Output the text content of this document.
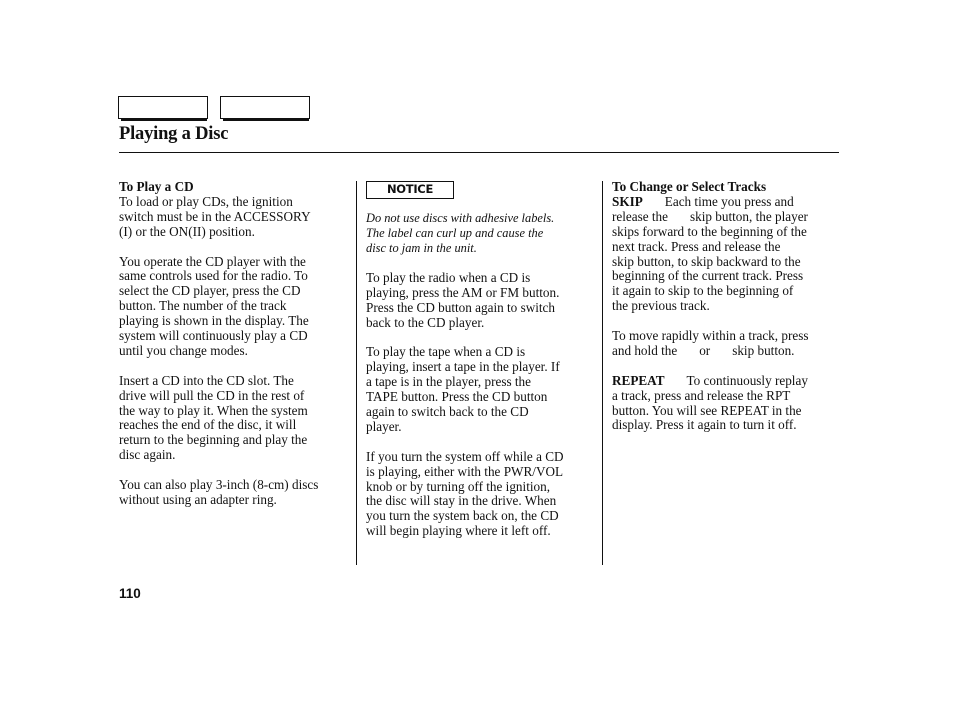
Playing a Disc
To Play a CD

To load or play CDs, the ignition
switch must be in the ACCESSORY
(I) or the ON(II) position.

You operate the CD player with the
same controls used for the radio. To
select the CD player, press the CD
button. The number of the track
playing is shown in the display. The
system will continuously play a CD
until you change modes.

Insert a CD into the CD slot. The
drive will pull the CD in the rest of
the way to play it. When the system
reaches the end of the disc, it will
return to the beginning and play the
disc again.

You can also play 3-inch (8-cm) discs
without using an adapter ring.

NOTICE

Do not use discs with adhesive labels.
The label can curl up and cause the
disc to jam in the unit.

To play the radio when a CD is
playing, press the AM or FM button.
Press the CD button again to switch
back to the CD player.

To play the tape when a CD is
playing, insert a tape in the player. If
a tape is in the player, press the
TAPE button. Press the CD button
again to switch back to the CD
player.

If you turn the system off while a CD
is playing, either with the PWR/VOL
knob or by turning off the ignition,
the disc will stay in the drive. When
you turn the system back on, the CD
will begin playing where it left off.

To Change or Select Tracks

SKIP Each time you press and
release the skip button, the player
skips forward to the beginning of the
next track. Press and release the
skip button, to skip backward to the
beginning of the current track. Press
it again to skip to the beginning of
the previous track.

To move rapidly within a track, press
and hold the or skip button.

REPEAT To continuously replay
a track, press and release the RPT
button. You will see REPEAT in the
display. Press it again to turn it off.

110
